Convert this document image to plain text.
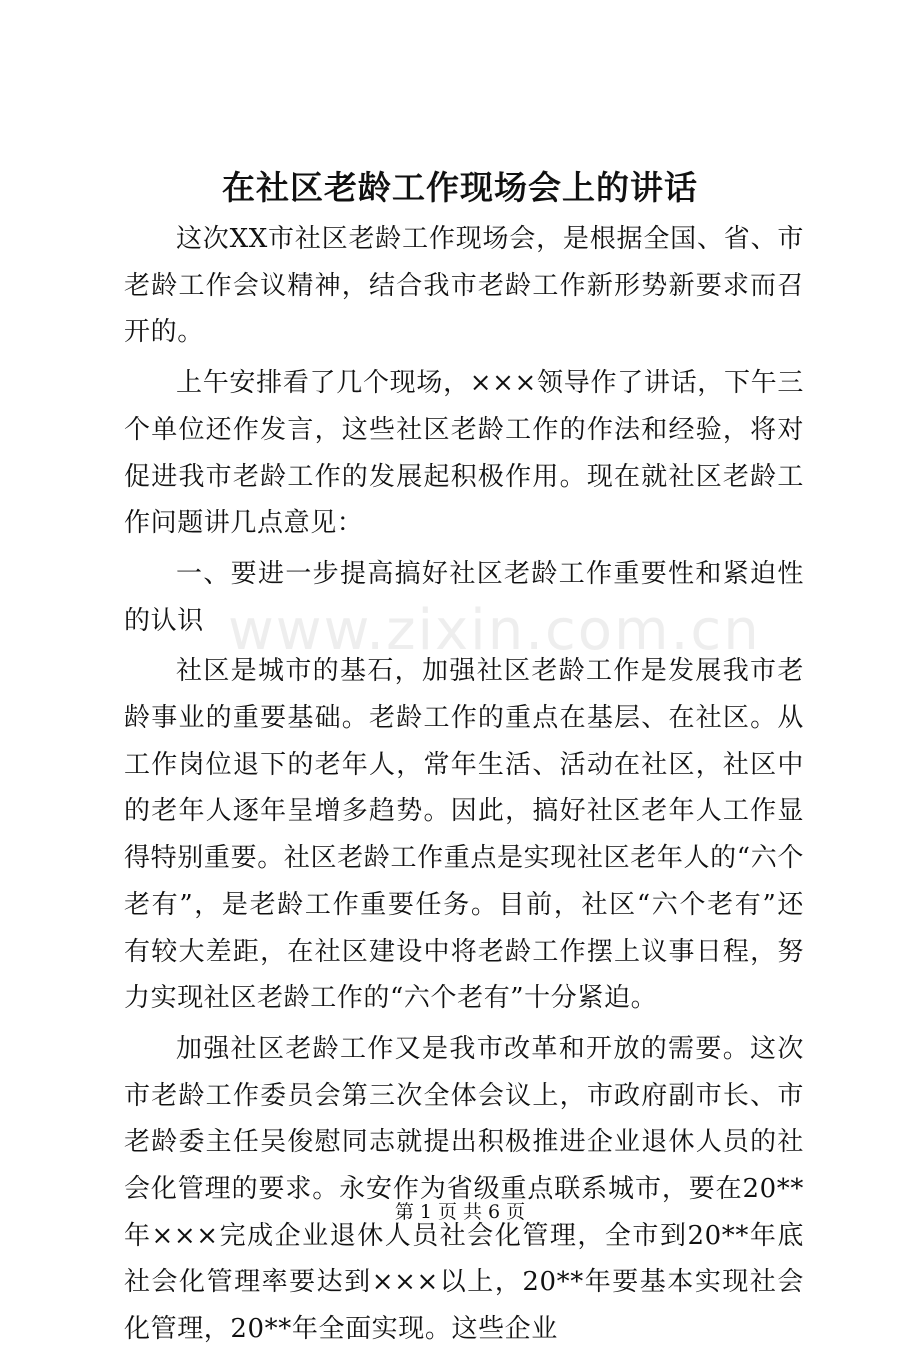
www.zixin.com.cn
在社区老龄工作现场会上的讲话

这次XX市社区老龄工作现场会，是根据全国、省、市老龄工作会议精神，结合我市老龄工作新形势新要求而召开的。

上午安排看了几个现场，×××领导作了讲话，下午三个单位还作发言，这些社区老龄工作的作法和经验，将对促进我市老龄工作的发展起积极作用。现在就社区老龄工作问题讲几点意见：

一、要进一步提高搞好社区老龄工作重要性和紧迫性的认识

社区是城市的基石，加强社区老龄工作是发展我市老龄事业的重要基础。老龄工作的重点在基层、在社区。从工作岗位退下的老年人，常年生活、活动在社区，社区中的老年人逐年呈增多趋势。因此，搞好社区老年人工作显得特别重要。社区老龄工作重点是实现社区老年人的“六个老有”，是老龄工作重要任务。目前，社区“六个老有”还有较大差距，在社区建设中将老龄工作摆上议事日程，努力实现社区老龄工作的“六个老有”十分紧迫。

加强社区老龄工作又是我市改革和开放的需要。这次市老龄工作委员会第三次全体会议上，市政府副市长、市老龄委主任吴俊慰同志就提出积极推进企业退休人员的社会化管理的要求。永安作为省级重点联系城市，要在20**年×××完成企业退休人员社会化管理，全市到20**年底社会化管理率要达到×××以上，20**年要基本实现社会化管理，20**年全面实现。这些企业

第 1 页 共 6 页
